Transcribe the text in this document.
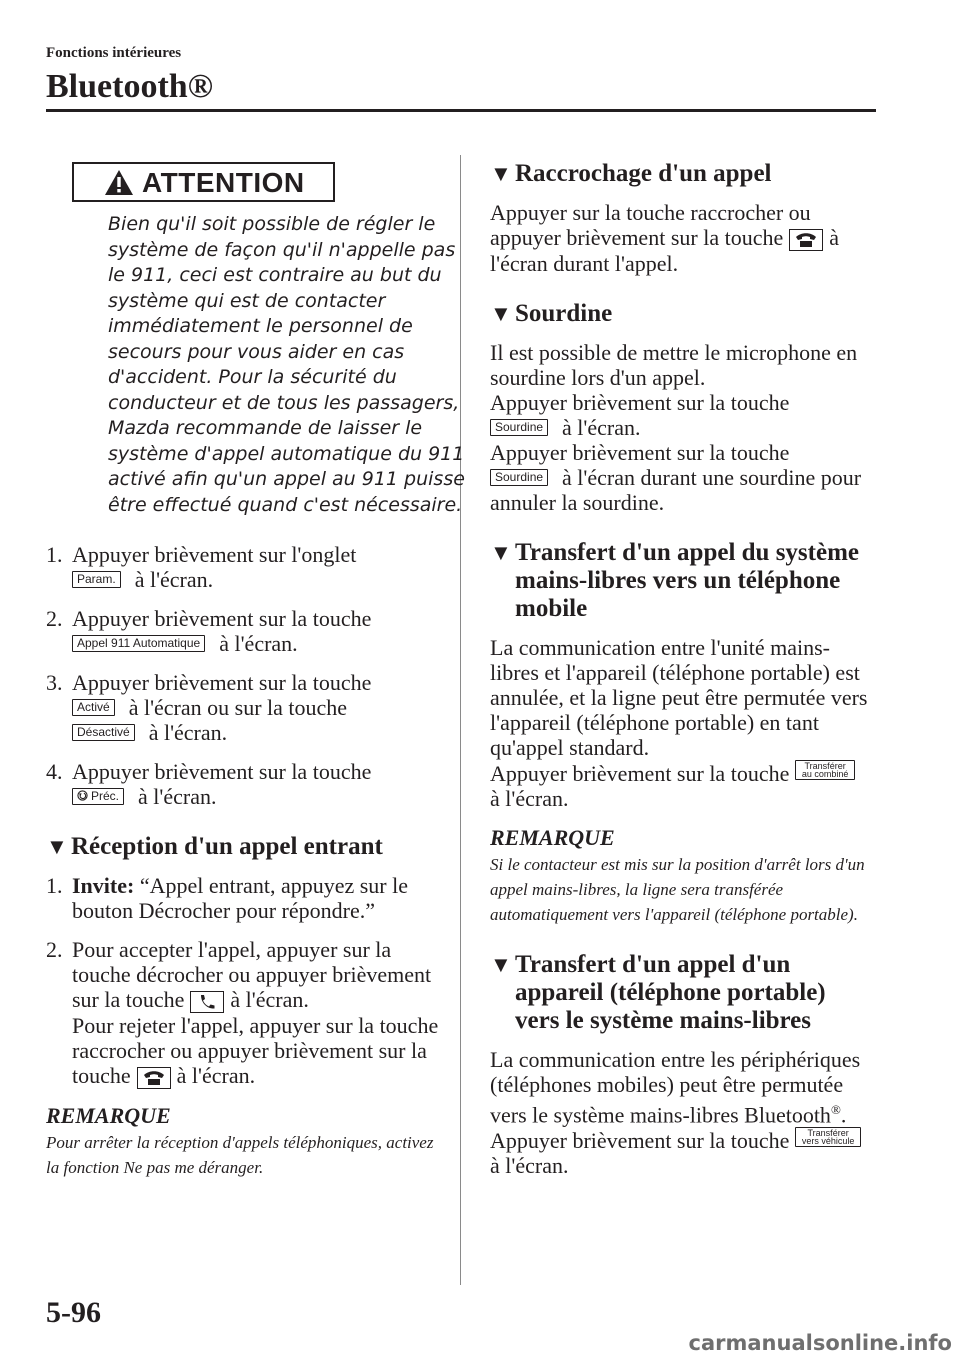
Fonctions intérieures
Bluetooth®
ATTENTION
Bien qu'il soit possible de régler le système de façon qu'il n'appelle pas le 911, ceci est contraire au but du système qui est de contacter immédiatement le personnel de secours pour vous aider en cas d'accident. Pour la sécurité du conducteur et de tous les passagers, Mazda recommande de laisser le système d'appel automatique du 911 activé afin qu'un appel au 911 puisse être effectué quand c'est nécessaire.
1. Appuyer brièvement sur l'onglet
Param. à l'écran.
2. Appuyer brièvement sur la touche
Appel 911 Automatique à l'écran.
3. Appuyer brièvement sur la touche
Activé à l'écran ou sur la touche
Désactivé à l'écran.
4. Appuyer brièvement sur la touche
Préc. à l'écran.
▼ Réception d'un appel entrant
1. Invite: “Appel entrant, appuyez sur le bouton Décrocher pour répondre.”
2. Pour accepter l'appel, appuyer sur la touche décrocher ou appuyer brièvement sur la touche à l'écran.
Pour rejeter l'appel, appuyer sur la touche raccrocher ou appuyer brièvement sur la touche à l'écran.
REMARQUE
Pour arrêter la réception d'appels téléphoniques, activez la fonction Ne pas me déranger.
▼ Raccrochage d'un appel

Appuyer sur la touche raccrocher ou appuyer brièvement sur la touche à l'écran durant l'appel.

▼ Sourdine

Il est possible de mettre le microphone en sourdine lors d'un appel.

Appuyer brièvement sur la touche
Sourdine à l'écran.

Appuyer brièvement sur la touche
Sourdine à l'écran durant une sourdine pour annuler la sourdine.

▼ Transfert d'un appel du système mains-libres vers un téléphone mobile

La communication entre l'unité mains-libres et l'appareil (téléphone portable) est annulée, et la ligne peut être permutée vers l'appareil (téléphone portable) en tant qu'appel standard.

Appuyer brièvement sur la touche Transférer
au combiné
à l'écran.

REMARQUE
Si le contacteur est mis sur la position d'arrêt lors d'un appel mains-libres, la ligne sera transférée automatiquement vers l'appareil (téléphone portable).
▼ Transfert d'un appel d'un appareil (téléphone portable) vers le système mains-libres

La communication entre les périphériques (téléphones mobiles) peut être permutée vers le système mains-libres Bluetooth®.

Appuyer brièvement sur la touche Transférer
vers véhicule
à l'écran.

5-96
carmanualsonline.info
